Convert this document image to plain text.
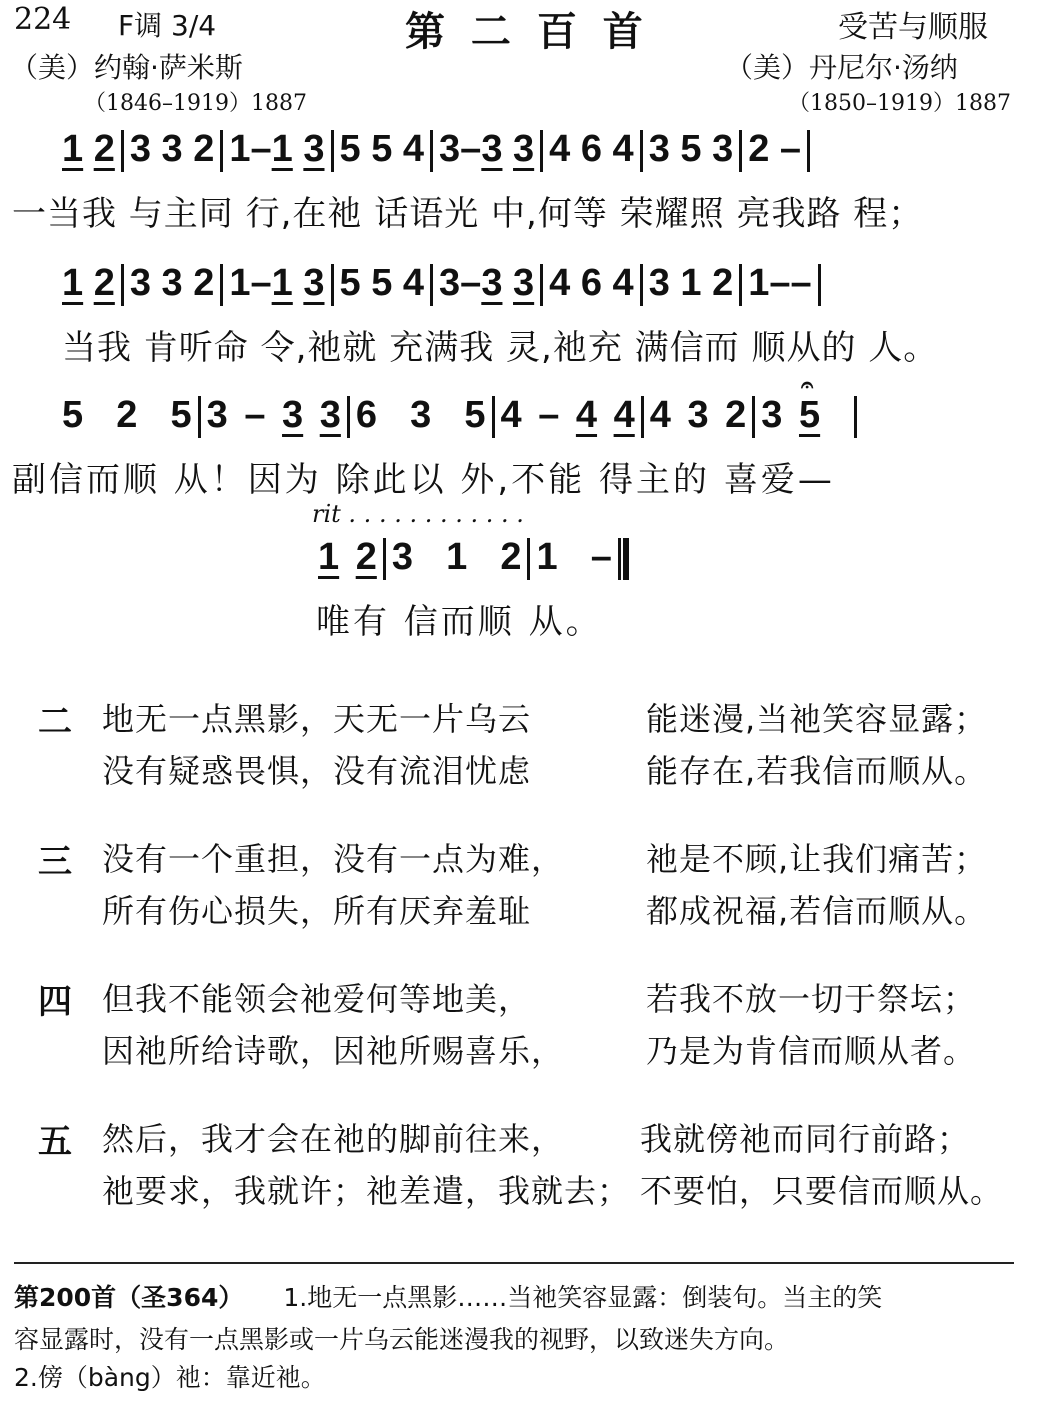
224 F调 3/4	第 二 百 首	受苦与顺服
（美）约翰·萨米斯
（1846–1919）1887
（美）丹尼尔·汤纳
（1850–1919）1887
1 2 3 3 2 1–1 3 5 5 4 3–3 3 4 6 4 3 5 3 2 –
一当我 与主同 行,在祂 话语光 中,何等 荣耀照 亮我路 程；
1 2 3 3 2 1–1 3 5 5 4 3–3 3 4 6 4 3 1 2 1––
当我 肯听命 令,祂就 充满我 灵,祂充 满信而 顺从的 人。
5  2  5 3 – 3 3 6  3  5 4 – 4 4 4 3 2 3 5
𝄐
副信而顺 从！因为 除此以 外,不能 得主的 喜爱—
rit . . . . . . . . . . . .
1 2 3  1  2 1  –
唯有 信而顺 从。
二 地无一点黑影，天无一片乌云	能迷漫,当祂笑容显露；
没有疑惑畏惧，没有流泪忧虑	能存在,若我信而顺从。
三 没有一个重担，没有一点为难，	祂是不顾,让我们痛苦；
所有伤心损失，所有厌弃羞耻	都成祝福,若信而顺从。
四 但我不能领会祂爱何等地美，	若我不放一切于祭坛；
因祂所给诗歌，因祂所赐喜乐，	乃是为肯信而顺从者。
五 然后，我才会在祂的脚前往来， 我就傍祂而同行前路；
祂要求，我就许；祂差遣，我就去； 不要怕，只要信而顺从。
第200首（圣364） 1.地无一点黑影……当祂笑容显露：倒装句。当主的笑
容显露时，没有一点黑影或一片乌云能迷漫我的视野，以致迷失方向。
2.傍（bàng）祂：靠近祂。
